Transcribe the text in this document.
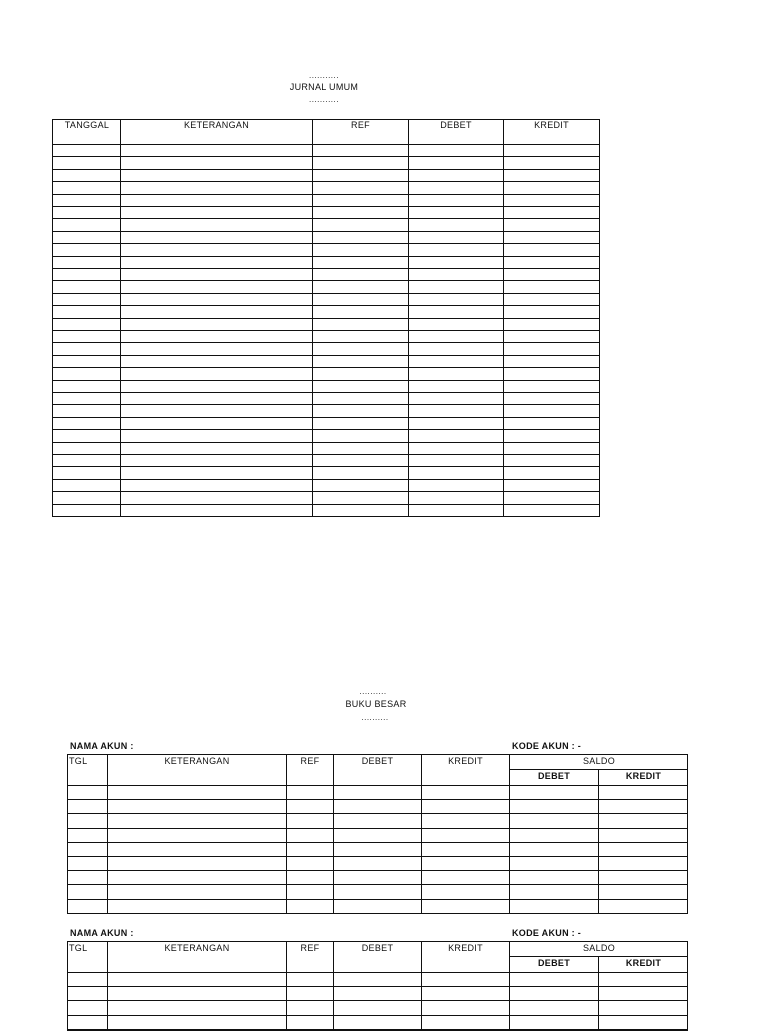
...........
JURNAL UMUM
...........
TANGGAL	KETERANGAN	REF	DEBET	KREDIT
..........
BUKU BESAR
..........
NAMA AKUN :	KODE AKUN : -
TGL	KETERANGAN	REF	DEBET	KREDIT	SALDO
DEBET	KREDIT
NAMA AKUN :	KODE AKUN : -
TGL	KETERANGAN	REF	DEBET	KREDIT	SALDO
DEBET	KREDIT
